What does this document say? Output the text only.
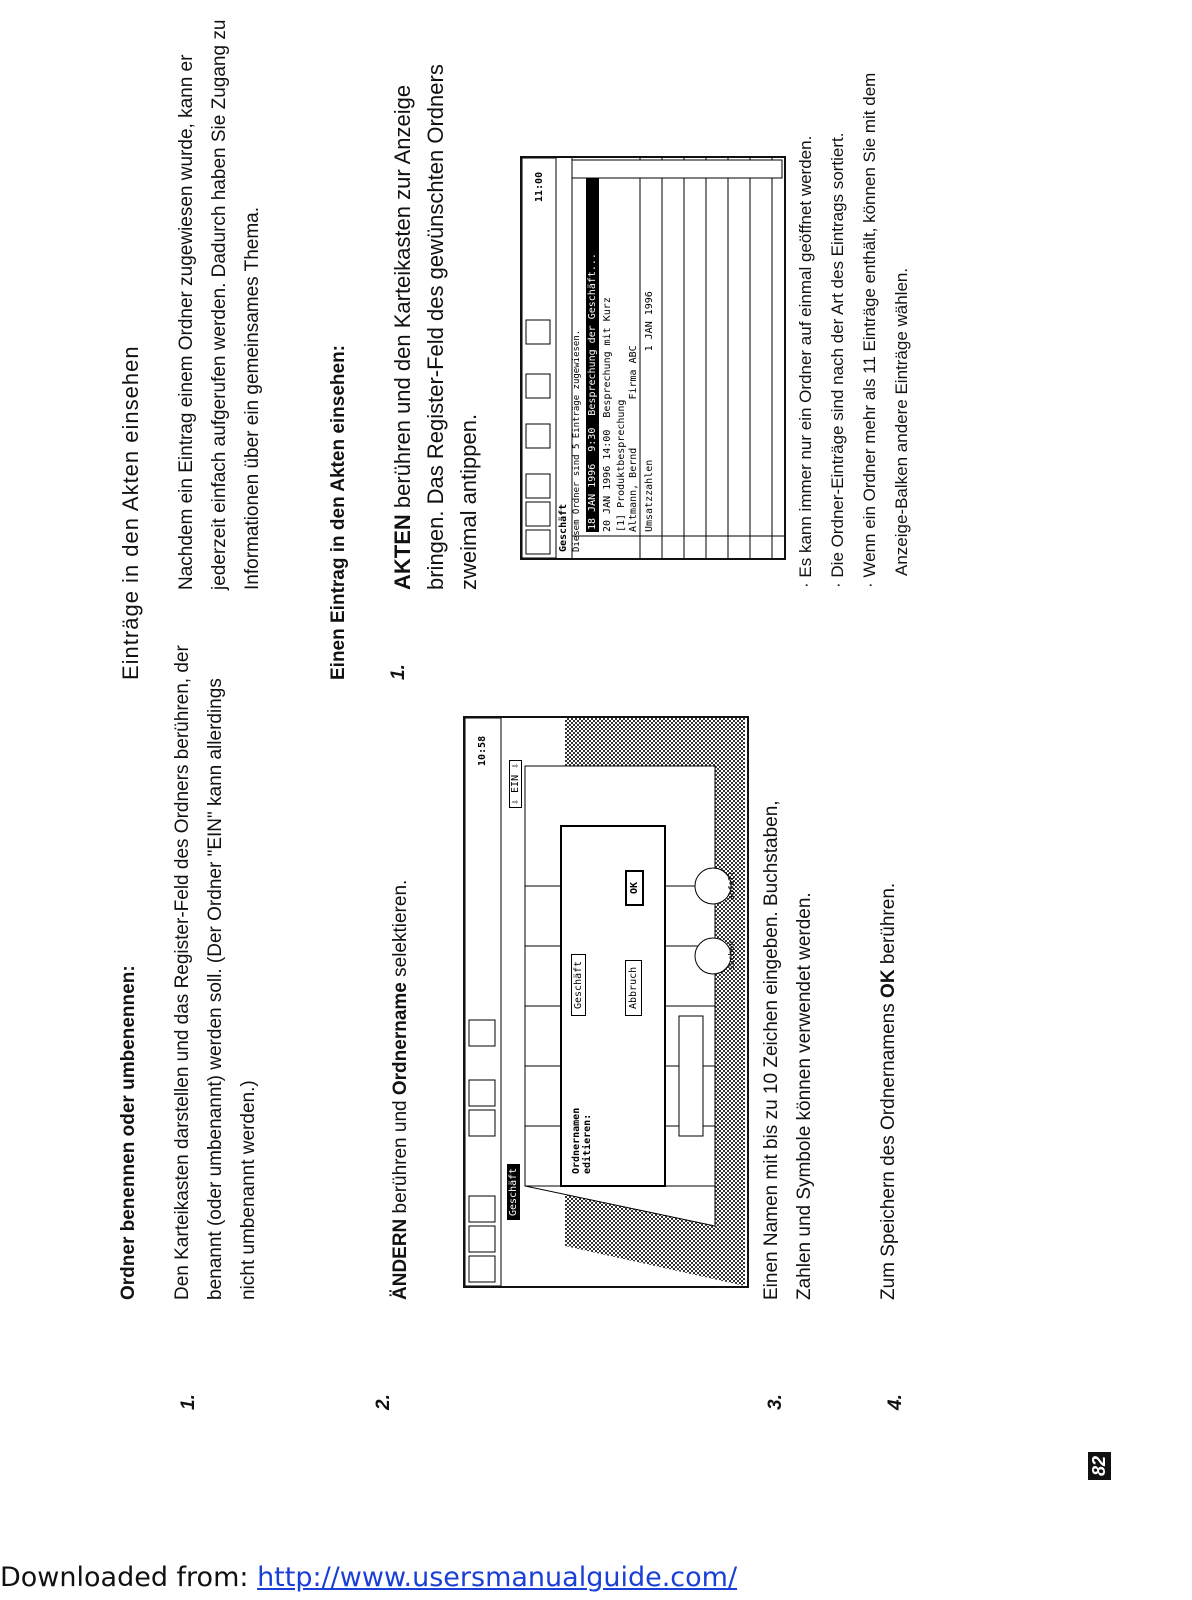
Ordner benennen oder umbenennen:
1.
Den Karteikasten darstellen und das Register-Feld des Ordners berühren, der benannt (oder umbenannt) werden soll. (Der Ordner "EIN" kann allerdings nicht umbenannt werden.)
2.
ÄNDERN berühren und Ordnername selektieren.
Geschäft
10:58
⇩ EIN ⇩
Ordnernamen editieren:
Geschäft	Abbruch
OK
suchen
abfall
3.
Einen Namen mit bis zu 10 Zeichen eingeben. Buchstaben, Zahlen und Symbole können verwendet werden.
4.
Zum Speichern des Ordnernamens OK berühren.
Einträge in den Akten einsehen	Nachdem ein Eintrag einem Ordner zugewiesen wurde, kann er jederzeit einfach aufgerufen werden. Dadurch haben Sie Zugang zu Informationen über ein gemeinsames Thema.	Einen Eintrag in den Akten einsehen: 1.
AKTEN berühren und den Karteikasten zur Anzeige bringen. Das Register-Feld des gewünschten Ordners zweimal antippen.	Geschäft Diesem Ordner sind 5 Einträge zugewiesen.
11:00
18 JAN 1996  9:30  Besprechung der Geschäft... 20 JAN 1996 14:00  Besprechung mit Kurz [1] Produktbesprechung Altmann, Bernd        Firma ABC Umsatzzahlen                  1 JAN 1996
· Es kann immer nur ein Ordner auf einmal geöffnet werden.
· Die Ordner-Einträge sind nach der Art des Eintrags sortiert.
· Wenn ein Ordner mehr als 11 Einträge enthält, können Sie mit dem Anzeige-Balken andere Einträge wählen.
82
Downloaded from: http://www.usersmanualguide.com/
